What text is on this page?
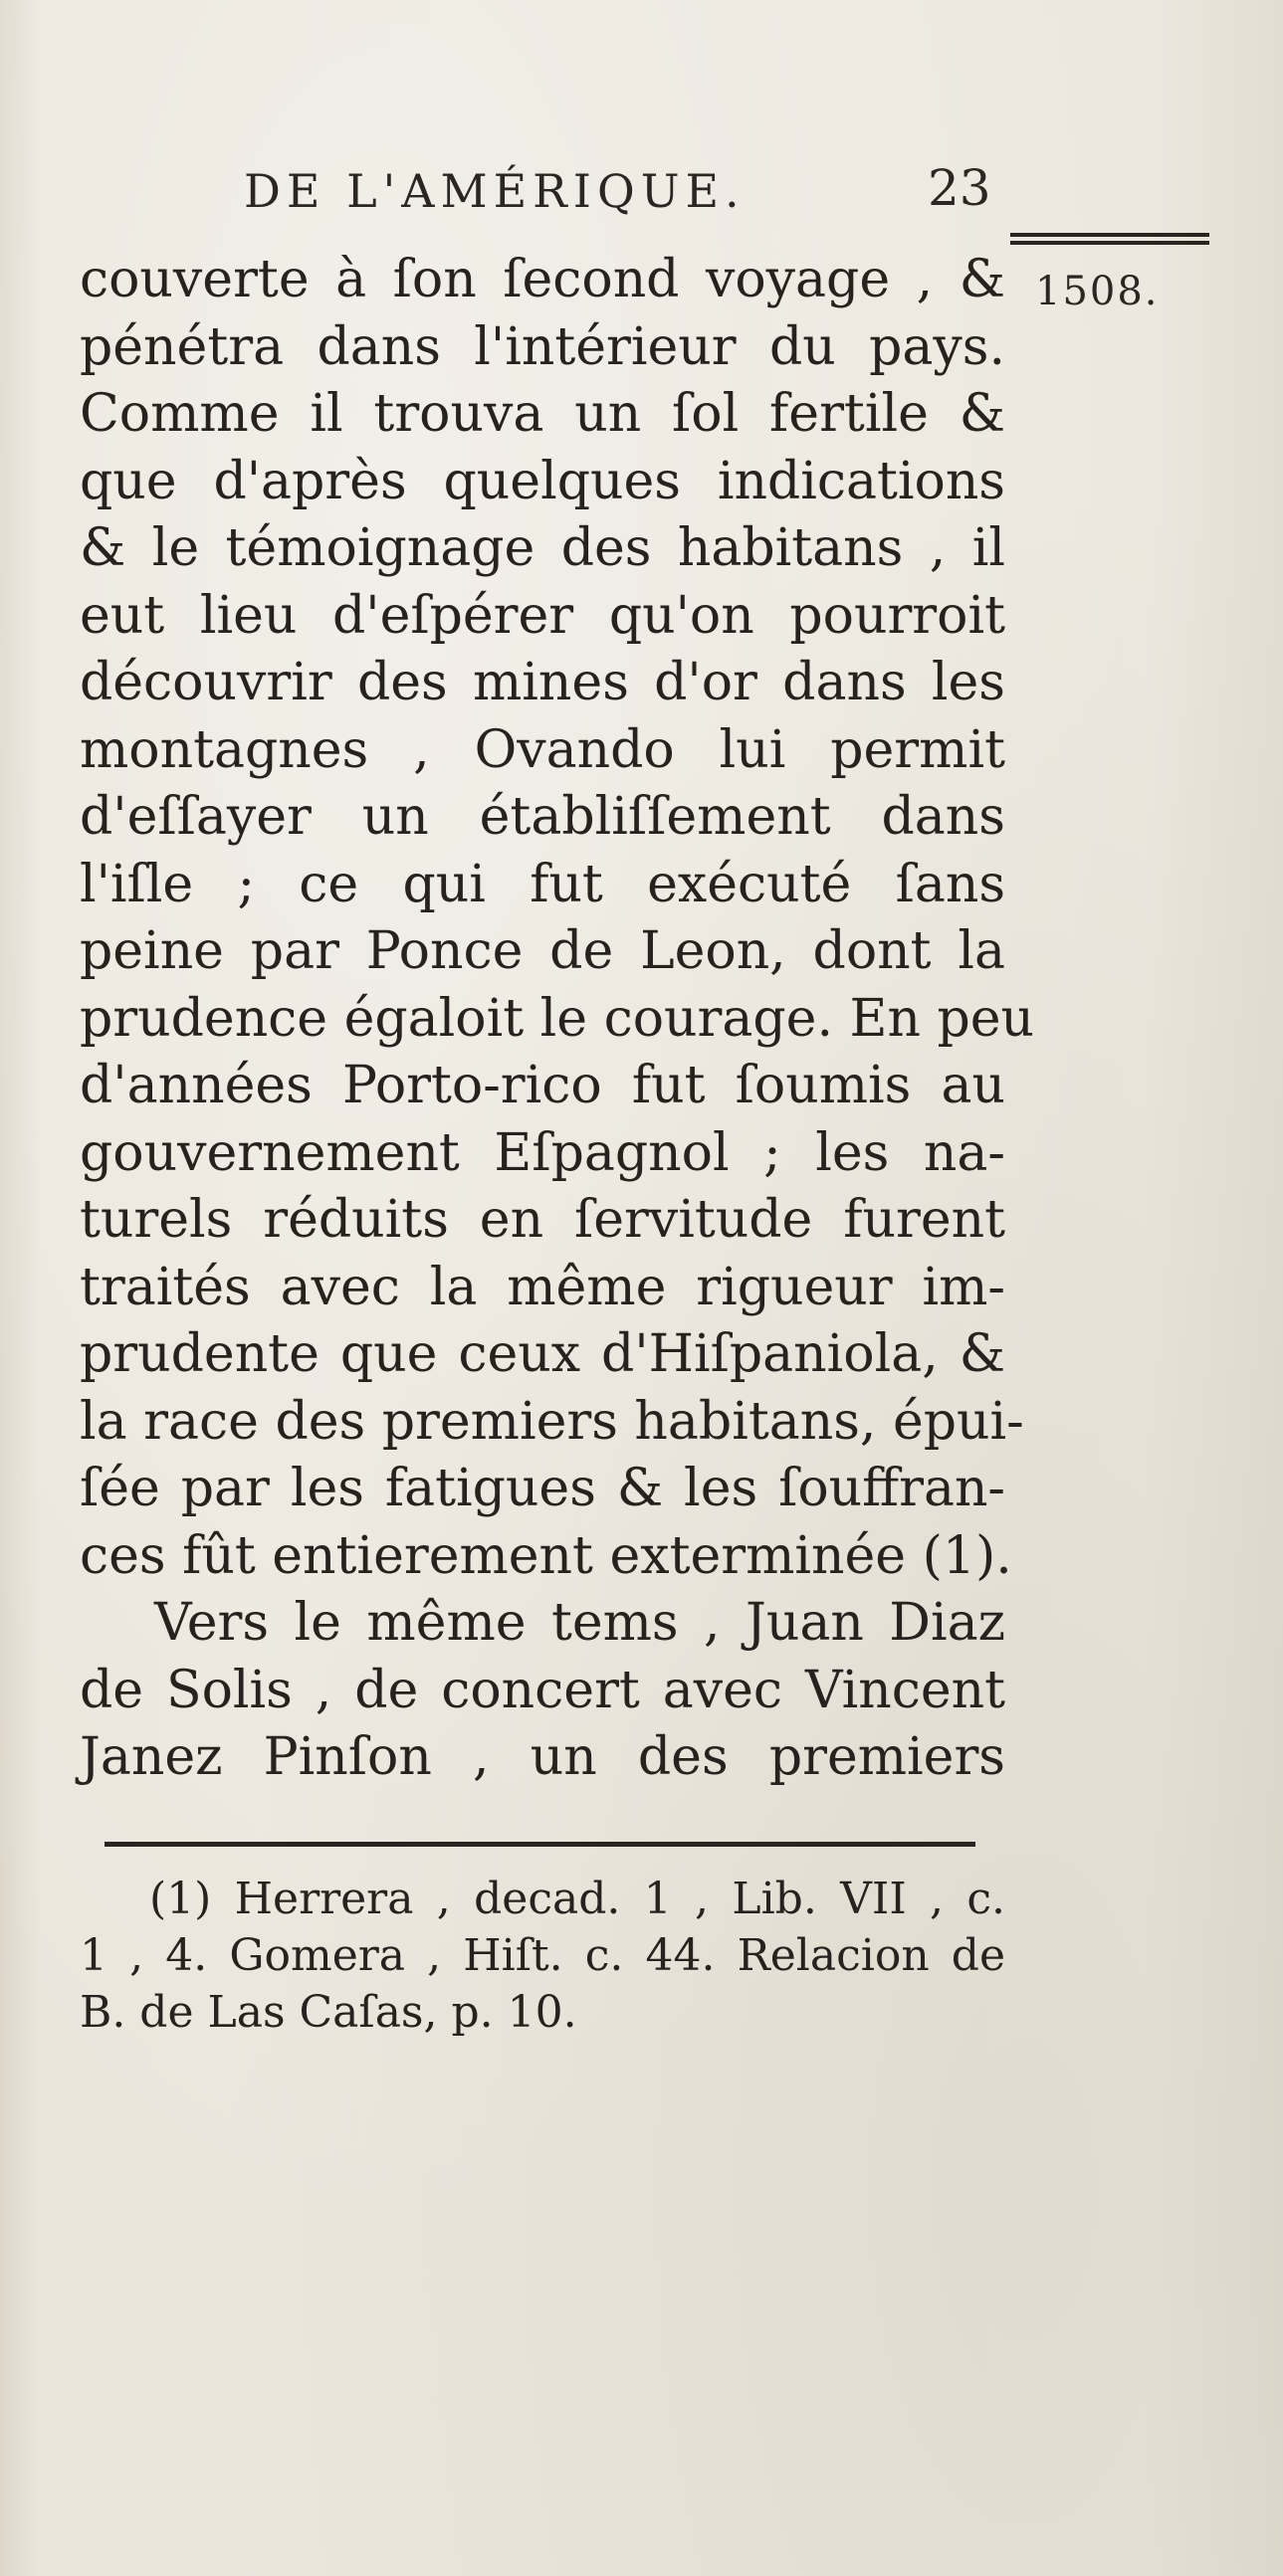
DE L'AMÉRIQUE.	23
1508.
couverte à ſon ſecond voyage , &
pénétra dans l'intérieur du pays.
Comme il trouva un ſol fertile &
que d'après quelques indications
& le témoignage des habitans , il
eut lieu d'eſpérer qu'on pourroit
découvrir des mines d'or dans les
montagnes , Ovando lui permit
d'eſſayer un établiſſement dans
l'iſle ; ce qui fut exécuté ſans
peine par Ponce de Leon, dont la
prudence égaloit le courage. En peu
d'années Porto-rico fut ſoumis au
gouvernement Eſpagnol ; les na-
turels réduits en ſervitude furent
traités avec la même rigueur im-
prudente que ceux d'Hiſpaniola, &
la race des premiers habitans, épui-
ſée par les fatigues & les ſouffran-
ces fût entierement exterminée (1).
Vers le même tems , Juan Diaz
de Solis , de concert avec Vincent
Janez Pinſon , un des premiers
(1) Herrera , decad. 1 , Lib. VII , c.
1 , 4. Gomera , Hiſt. c. 44. Relacion de
B. de Las Caſas, p. 10.
